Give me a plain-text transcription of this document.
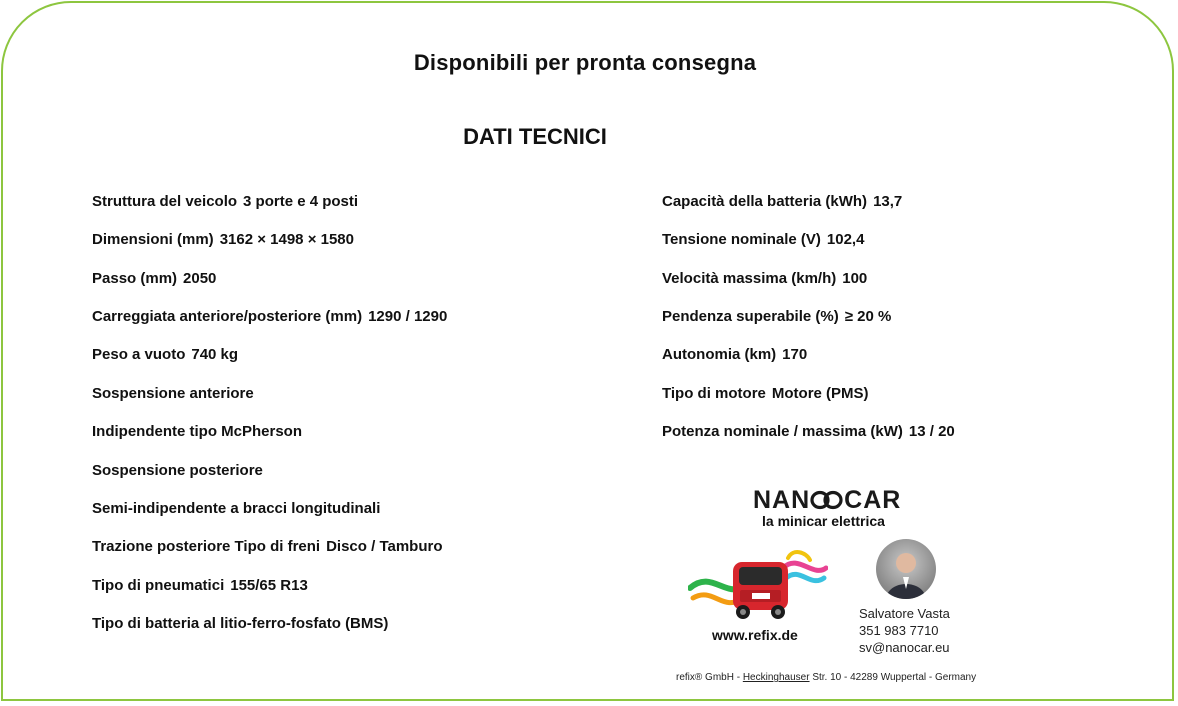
Disponibili per pronta consegna
DATI TECNICI
Struttura del veicolo 3 porte e 4 posti
Dimensioni (mm) 3162 × 1498 × 1580
Passo (mm) 2050
Carreggiata anteriore/posteriore (mm) 1290 / 1290
Peso a vuoto 740 kg
Sospensione anteriore
Indipendente tipo McPherson
Sospensione posteriore
Semi-indipendente a bracci longitudinali
Trazione posteriore Tipo di freni Disco / Tamburo
Tipo di pneumatici 155/65 R13
Tipo di batteria al litio-ferro-fosfato (BMS)
Capacità della batteria (kWh) 13,7
Tensione nominale (V) 102,4
Velocità massima (km/h) 100
Pendenza superabile (%) ≥ 20 %
Autonomia (km) 170
Tipo di motore Motore (PMS)
Potenza nominale / massima (kW) 13 / 20
NAN CAR
la minicar elettrica
www.refix.de
Salvatore Vasta
351 983 7710
sv@nanocar.eu
refix® GmbH - Heckinghauser Str. 10 - 42289 Wuppertal - Germany
